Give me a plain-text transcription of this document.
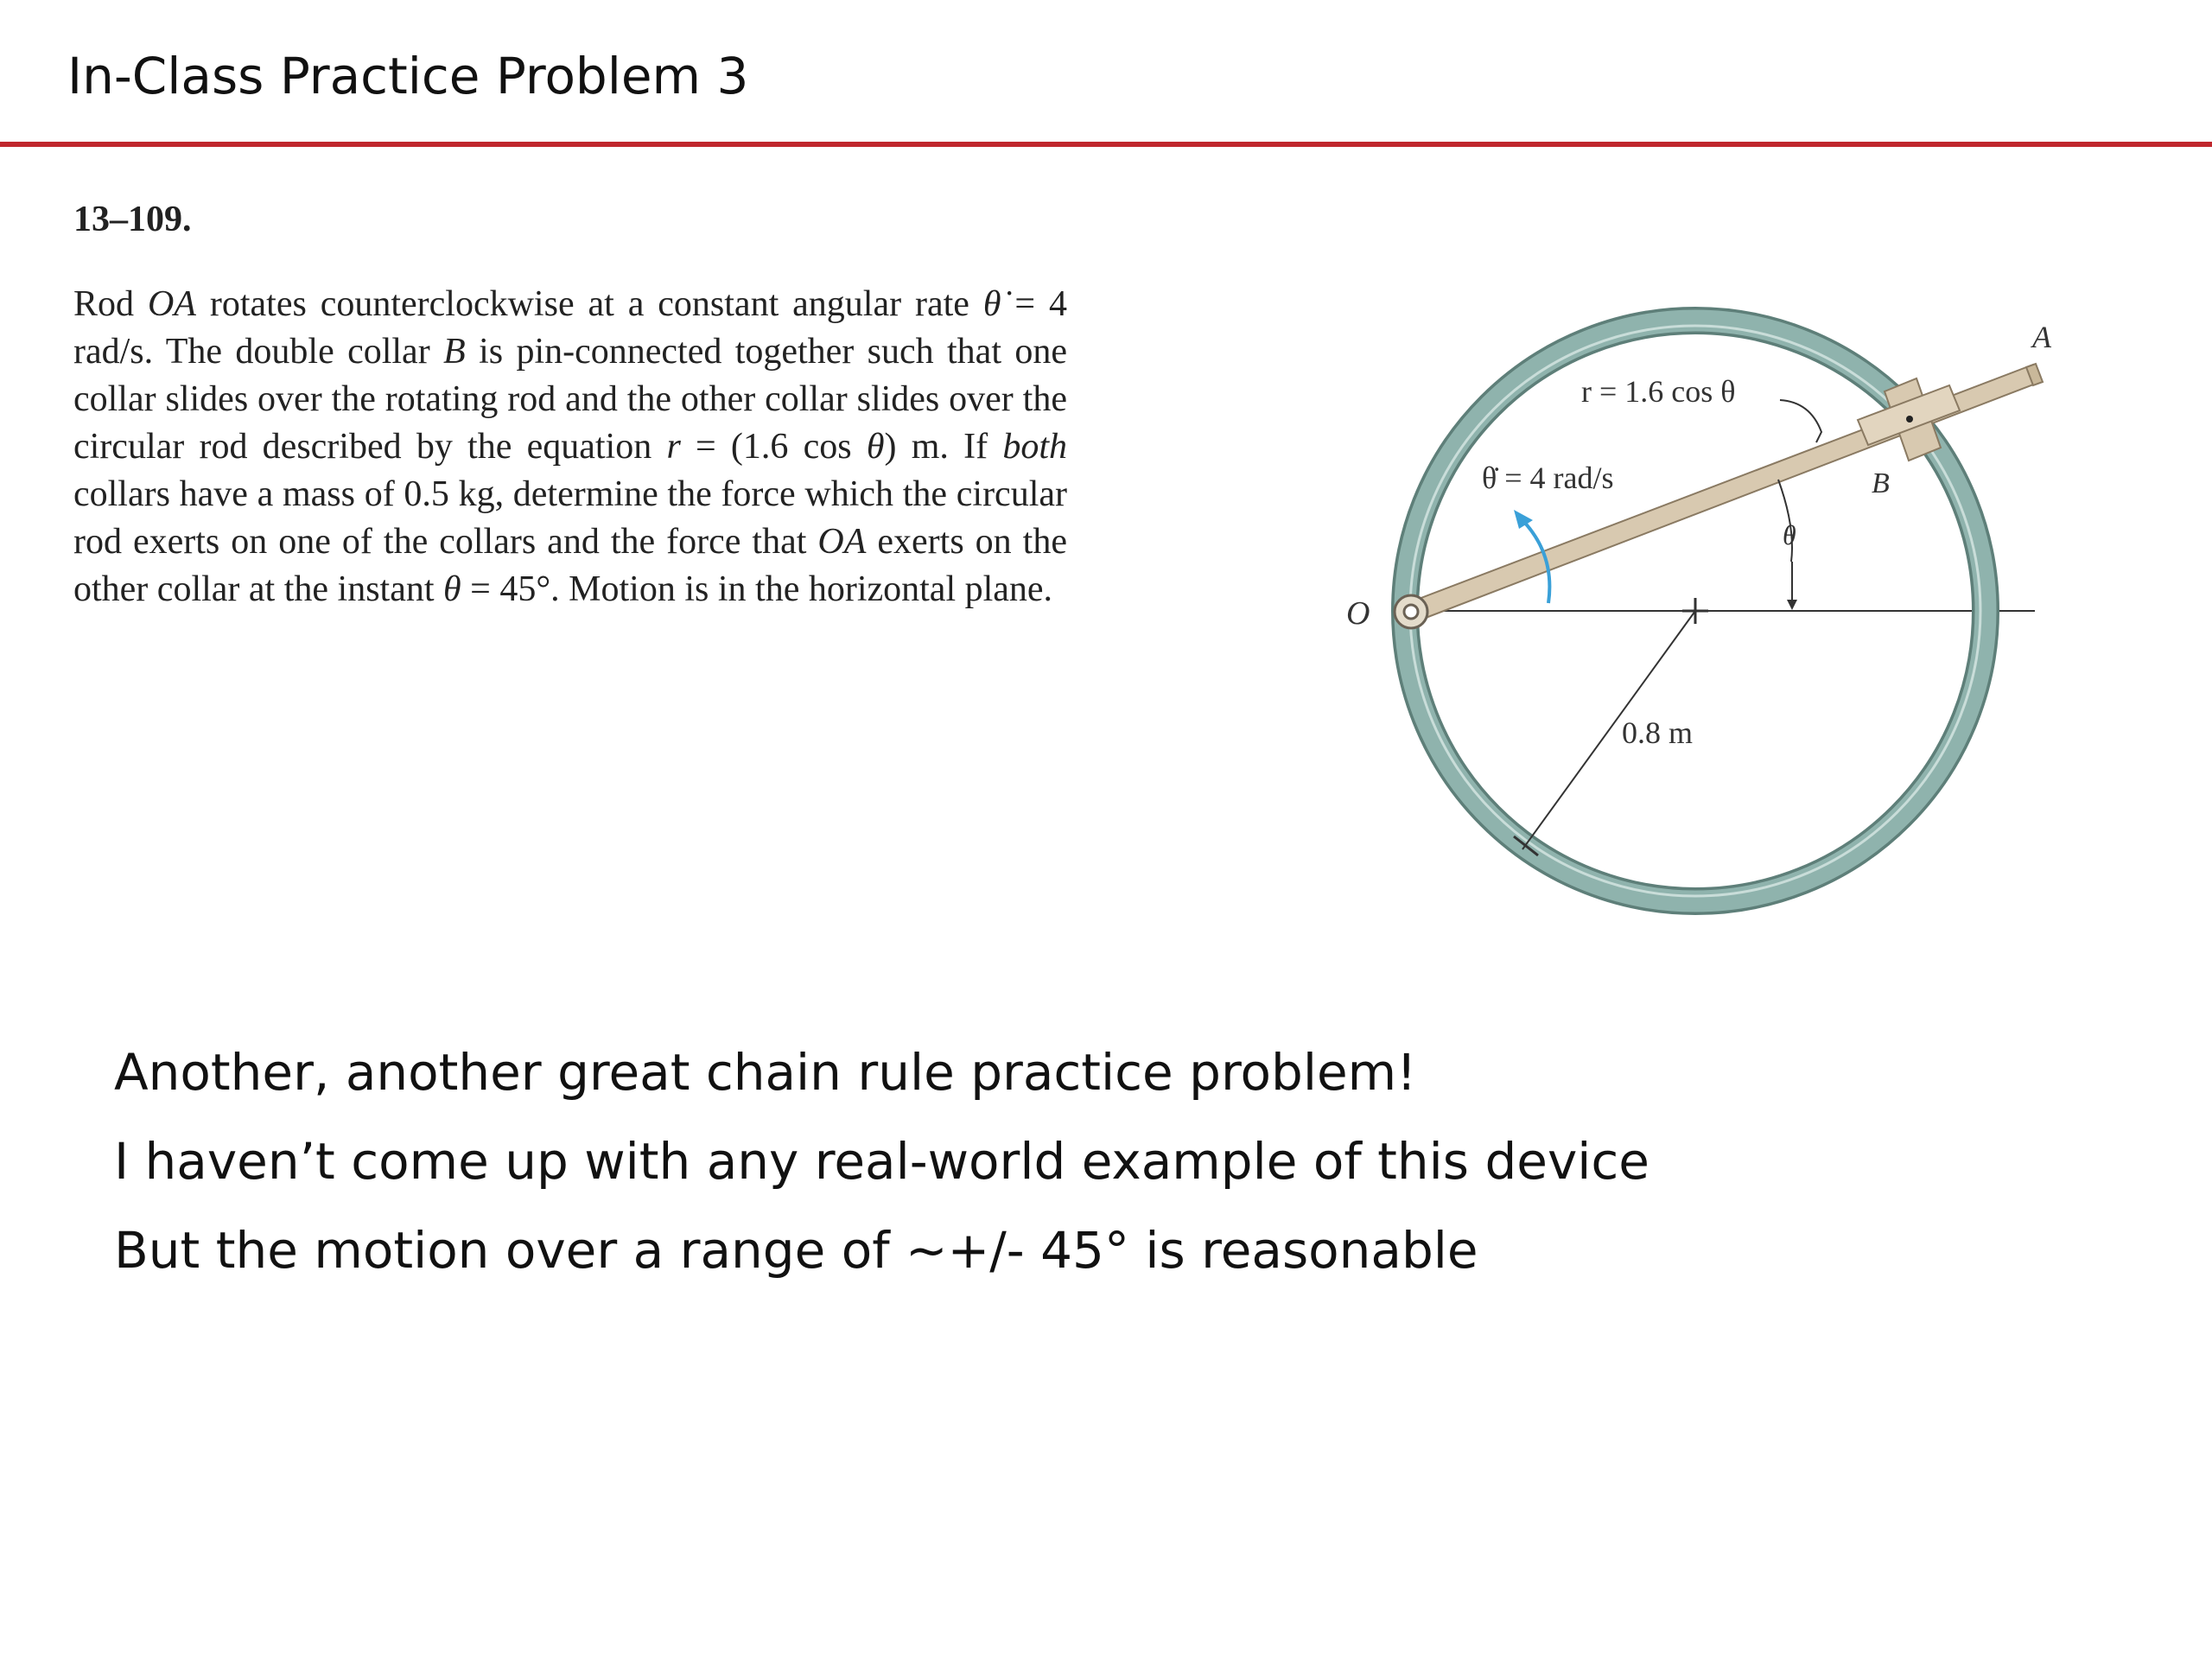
In-Class Practice Problem 3
13–109.
Rod OA rotates counterclockwise at a constant angular rate θ̇ = 4 rad/s. The double collar B is pin-connected together such that one collar slides over the rotating rod and the other collar slides over the circular rod described by the equation r = (1.6 cos θ) m. If both collars have a mass of 0.5 kg, determine the force which the circular rod exerts on one of the collars and the force that OA exerts on the other collar at the instant θ = 45°. Motion is in the horizontal plane.
r = 1.6 cos θ
θ̇ = 4 rad/s
0.8 m
θ
A
B
O
Another, another great chain rule practice problem!
I haven’t come up with any real-world example of this device
But the motion over a range of ~+/- 45° is reasonable
